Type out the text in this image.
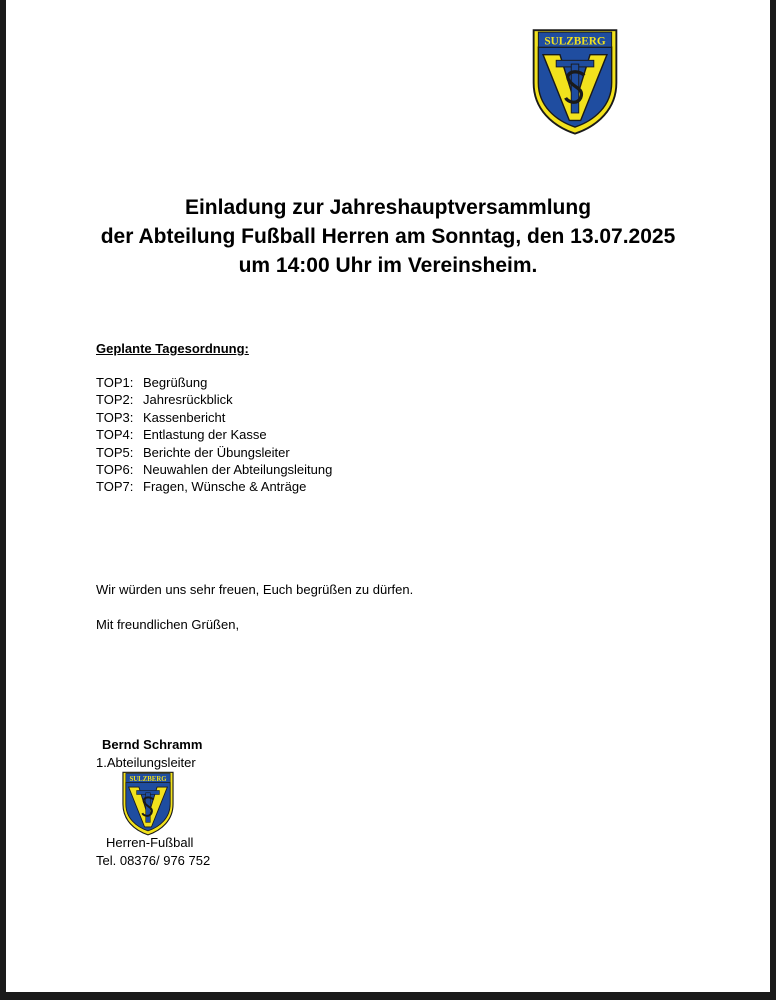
SULZBERG
Einladung zur Jahreshauptversammlung
der Abteilung Fußball Herren am Sonntag, den 13.07.2025
um 14:00 Uhr im Vereinsheim.
Geplante Tagesordnung:
TOP1: Begrüßung
TOP2: Jahresrückblick
TOP3: Kassenbericht
TOP4: Entlastung der Kasse
TOP5: Berichte der Übungsleiter
TOP6: Neuwahlen der Abteilungsleitung
TOP7: Fragen, Wünsche & Anträge
Wir würden uns sehr freuen, Euch begrüßen zu dürfen.
Mit freundlichen Grüßen,
Bernd Schramm
1.Abteilungsleiter
SULZBERG
Herren-Fußball
Tel. 08376/ 976 752
